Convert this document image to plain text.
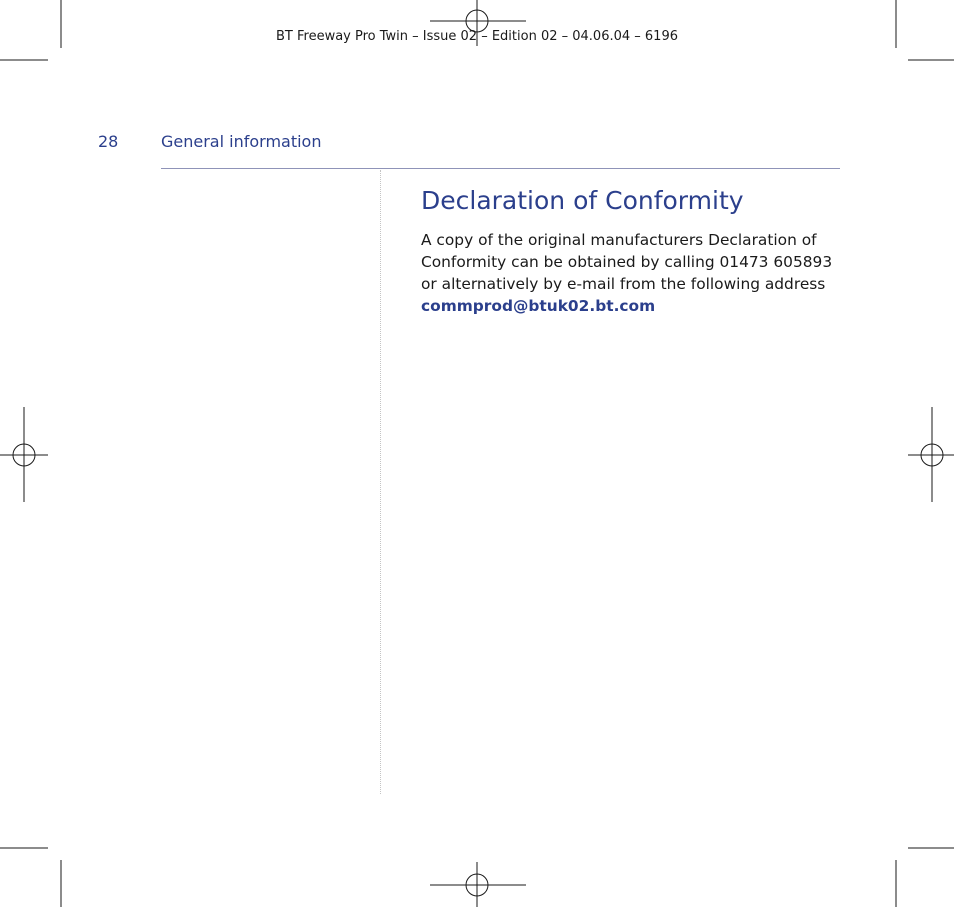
BT Freeway Pro Twin – Issue 02 – Edition 02 – 04.06.04 – 6196
28	General information
Declaration of Conformity

A copy of the original manufacturers Declaration of
Conformity can be obtained by calling 01473 605893
or alternatively by e-mail from the following address
commprod@btuk02.bt.com
